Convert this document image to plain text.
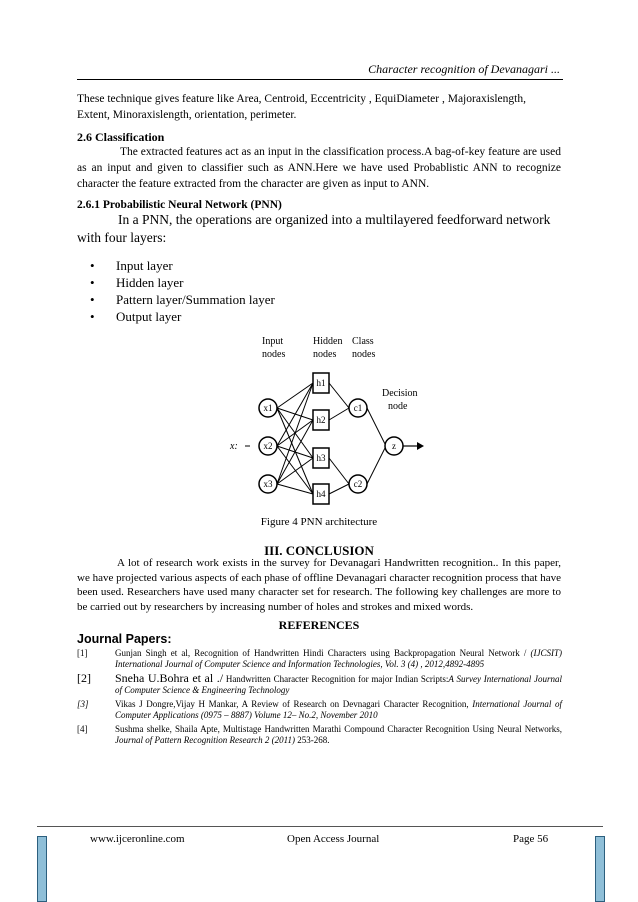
Character recognition of Devanagari ...
These technique gives feature like Area, Centroid, Eccentricity , EquiDiameter , Majoraxislength, Extent, Minoraxislength, orientation, perimeter.
2.6 Classification
The extracted features act as an input in the classification process.A bag-of-key feature are used as an input and given to classifier such as ANN.Here we have used Probablistic ANN to recognize character the feature extracted from the character are given as input to ANN.
2.6.1 Probabilistic Neural Network (PNN)
In a PNN, the operations are organized into a multilayered feedforward network
with four layers:
• Input layer
• Hidden layer
• Pattern layer/Summation layer
• Output layer
Input
nodes
Hidden
nodes
Class
nodes
Decision
node
x1
x2
x3
h1
h2
h3
h4
c1
c2
z
x:
Figure 4 PNN architecture
III. CONCLUSION
A lot of research work exists in the survey for Devanagari Handwritten recognition.. In this paper, we have projected various aspects of each phase of offline Devanagari character recognition process that have been used. Researchers have used many character set for research. The following key challenges are more to be carried out by researchers by increasing number of holes and strokes and mixed words.
REFERENCES
Journal Papers:
[1]	Gunjan Singh et al, Recognition of Handwritten Hindi Characters using Backpropagation Neural Network / (IJCSIT) International Journal of Computer Science and Information Technologies, Vol. 3 (4) , 2012,4892-4895
[2] Sneha U.Bohra et al ./ Handwritten Character Recognition for major Indian Scripts:A Survey International Journal of Computer Science & Engineering Technology
[3]	Vikas J Dongre,Vijay H Mankar, A Review of Research on Devnagari Character Recognition, International Journal of Computer Applications (0975 – 8887) Volume 12– No.2, November 2010
[4]	Sushma shelke, Shaila Apte, Multistage Handwritten Marathi Compound Character Recognition Using Neural Networks, Journal of Pattern Recognition Research 2 (2011) 253-268.
www.ijceronline.com	Open Access Journal	Page 56
